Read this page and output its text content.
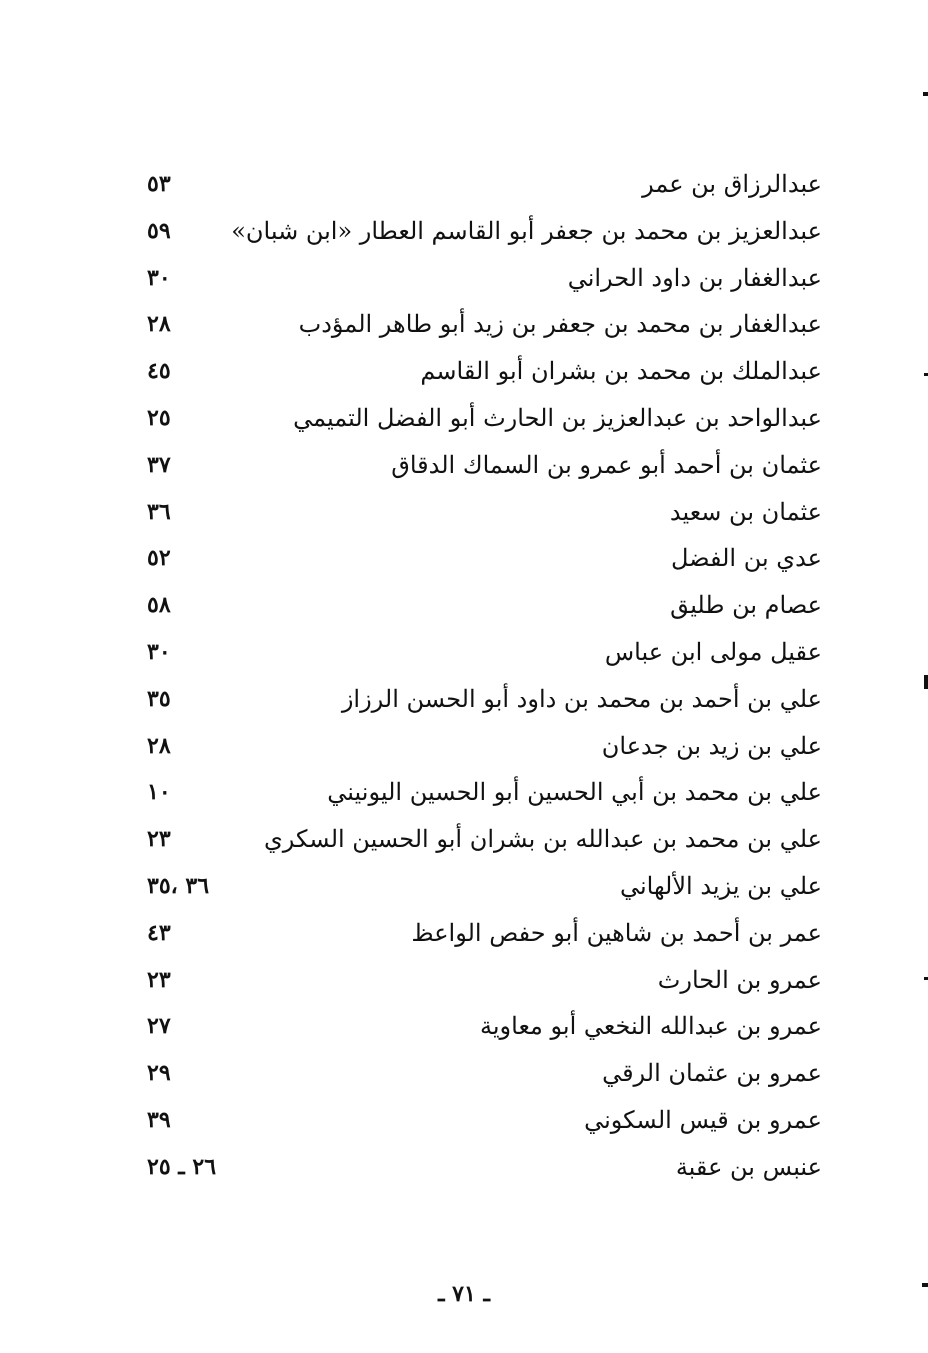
عبدالرزاق بن عمر
٥٣
عبدالعزيز بن محمد بن جعفر أبو القاسم العطار «ابن شبان»
٥٩
عبدالغفار بن داود الحراني
٣٠
عبدالغفار بن محمد بن جعفر بن زيد أبو طاهر المؤدب
٢٨
عبدالملك بن محمد بن بشران أبو القاسم
٤٥
عبدالواحد بن عبدالعزيز بن الحارث أبو الفضل التميمي
٢٥
عثمان بن أحمد أبو عمرو بن السماك الدقاق
٣٧
عثمان بن سعيد
٣٦
عدي بن الفضل
٥٢
عصام بن طليق
٥٨
عقيل مولى ابن عباس
٣٠
علي بن أحمد بن محمد بن داود أبو الحسن الرزاز
٣٥
علي بن زيد بن جدعان
٢٨
علي بن محمد بن أبي الحسين أبو الحسين اليونيني
١٠
علي بن محمد بن عبدالله بن بشران أبو الحسين السكري
٢٣
علي بن يزيد الألهاني
٣٦ ،٣٥
عمر بن أحمد بن شاهين أبو حفص الواعظ
٤٣
عمرو بن الحارث
٢٣
عمرو بن عبدالله النخعي أبو معاوية
٢٧
عمرو بن عثمان الرقي
٢٩
عمرو بن قيس السكوني
٣٩
عنبس بن عقبة
٢٦ ـ ٢٥
ـ ٧١ ـ
